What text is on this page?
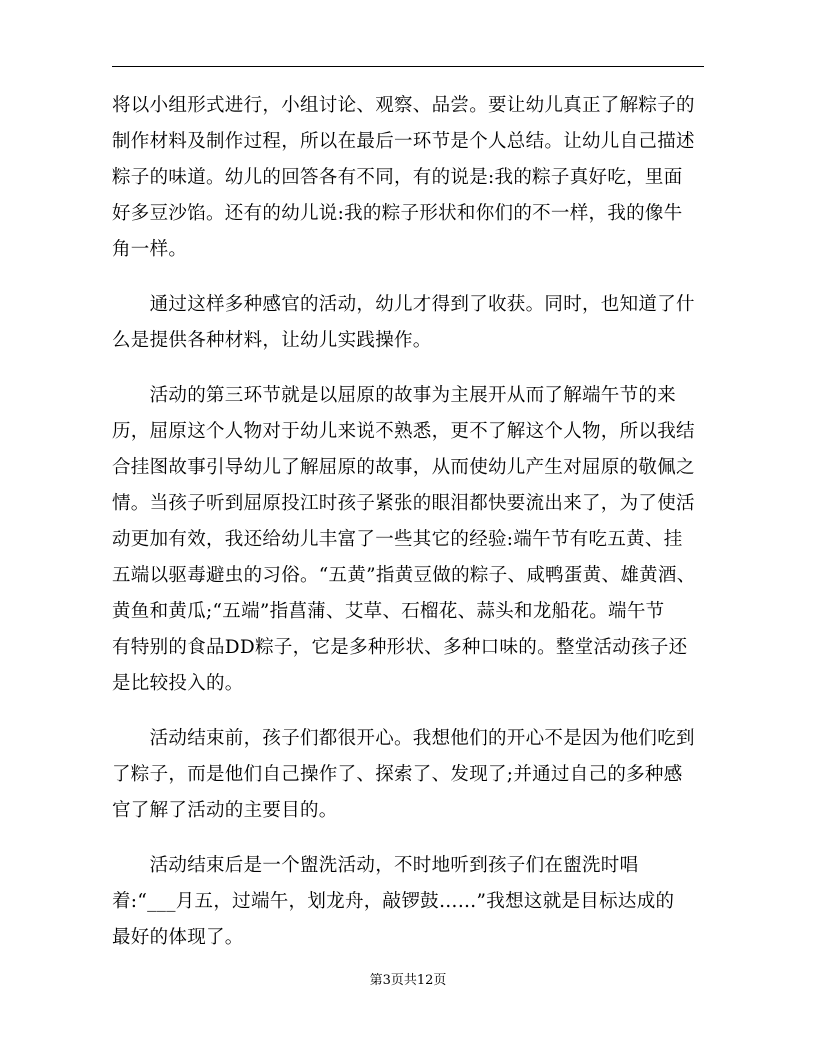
将以小组形式进行，小组讨论、观察、品尝。要让幼儿真正了解粽子的
制作材料及制作过程，所以在最后一环节是个人总结。让幼儿自己描述
粽子的味道。幼儿的回答各有不同，有的说是:我的粽子真好吃，里面
好多豆沙馅。还有的幼儿说:我的粽子形状和你们的不一样，我的像牛
角一样。

　　通过这样多种感官的活动，幼儿才得到了收获。同时，也知道了什
么是提供各种材料，让幼儿实践操作。

　　活动的第三环节就是以屈原的故事为主展开从而了解端午节的来
历，屈原这个人物对于幼儿来说不熟悉，更不了解这个人物，所以我结
合挂图故事引导幼儿了解屈原的故事，从而使幼儿产生对屈原的敬佩之
情。当孩子听到屈原投江时孩子紧张的眼泪都快要流出来了，为了使活
动更加有效，我还给幼儿丰富了一些其它的经验:端午节有吃五黄、挂
五端以驱毒避虫的习俗。“五黄”指黄豆做的粽子、咸鸭蛋黄、雄黄酒、
黄鱼和黄瓜;“五端”指菖蒲、艾草、石榴花、蒜头和龙船花。端午节
有特别的食品DD粽子，它是多种形状、多种口味的。整堂活动孩子还
是比较投入的。

　　活动结束前，孩子们都很开心。我想他们的开心不是因为他们吃到
了粽子，而是他们自己操作了、探索了、发现了;并通过自己的多种感
官了解了活动的主要目的。

　　活动结束后是一个盥洗活动，不时地听到孩子们在盥洗时唱
着:“___月五，过端午，划龙舟，敲锣鼓……”我想这就是目标达成的
最好的体现了。

第3页共12页
